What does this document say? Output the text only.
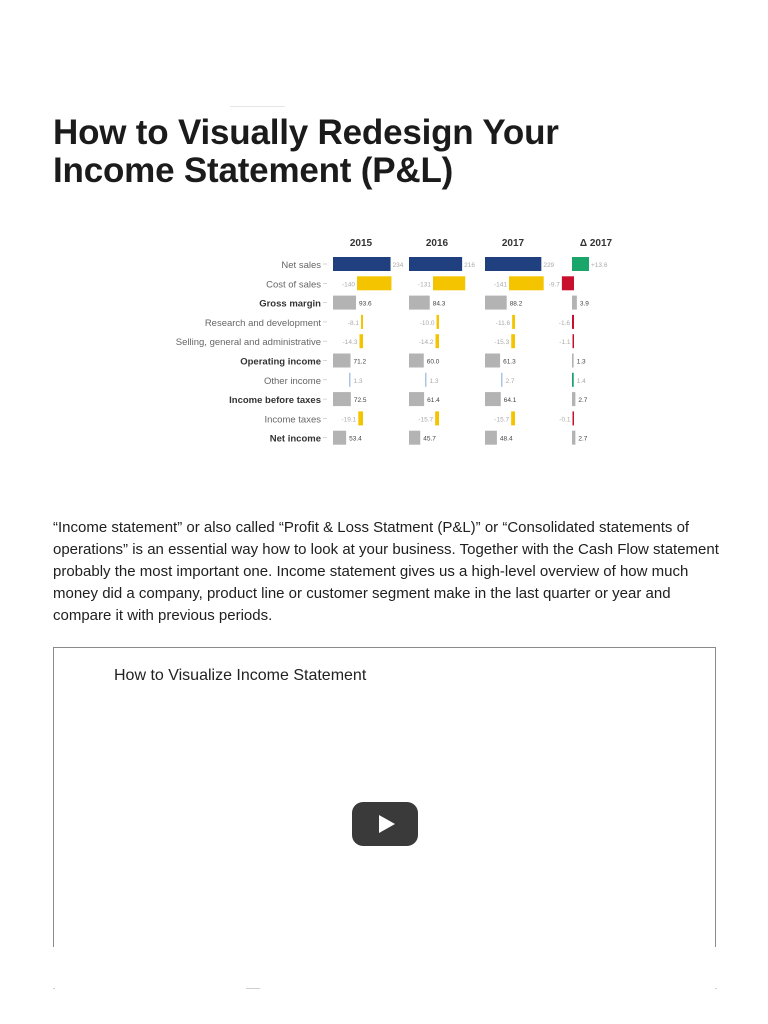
How to Visually Redesign Your
Income Statement (P&L)
2015	2016	2017	Δ 2017
Net sales	234	216	229	+13.6
Cost of sales	-140	-131	-141	-9.7
Gross margin	93.6	84.3	88.2	3.9
Research and development	-8.1	-10.0	-11.6	-1.6
Selling, general and administrative	-14.3	-14.2	-15.3	-1.1
Operating income	71.2	60.0	61.3	1.3
Other income	1.3	1.3	2.7	1.4
Income before taxes	72.5	61.4	64.1	2.7
Income taxes	-19.1	-15.7	-15.7	-0.1
Net income	53.4	45.7	48.4	2.7

“Income statement” or also called “Profit & Loss Statment (P&L)” or “Consolidated statements of operations” is an essential way how to look at your business. Together with the Cash Flow statement probably the most important one. Income statement gives us a high-level overview of how much money did a company, product line or customer segment make in the last quarter or year and compare it with previous periods.

How to Visualize Income Statement
